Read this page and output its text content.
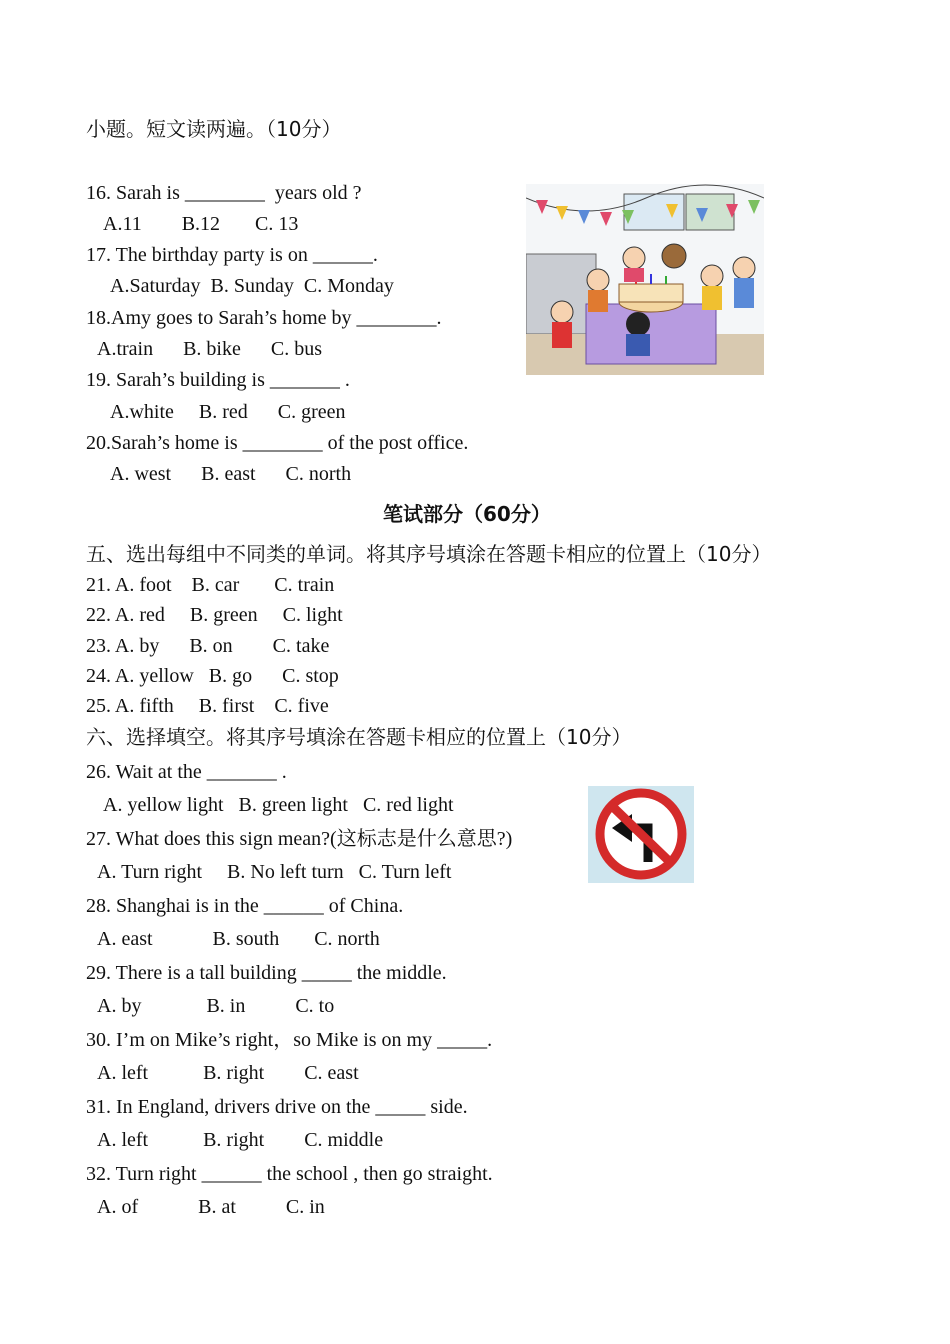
小题。短文读两遍。（10分）
16. Sarah is ________  years old ?
A.11        B.12       C. 13
17. The birthday party is on ______.
A.Saturday  B. Sunday  C. Monday
18.Amy goes to Sarah’s home by ________.
A.train      B. bike      C. bus
19. Sarah’s building is _______ .
A.white     B. red      C. green
20.Sarah’s home is ________ of the post office.
A. west      B. east      C. north
笔试部分（60分）
五、选出每组中不同类的单词。将其序号填涂在答题卡相应的位置上（10分）
21. A. foot    B. car       C. train
22. A. red     B. green     C. light
23. A. by      B. on        C. take
24. A. yellow   B. go      C. stop
25. A. fifth     B. first    C. five
六、选择填空。将其序号填涂在答题卡相应的位置上（10分）
26. Wait at the _______ .
A. yellow light   B. green light   C. red light
27. What does this sign mean?(这标志是什么意思?)
A. Turn right     B. No left turn   C. Turn left
28. Shanghai is in the ______ of China.
A. east            B. south       C. north
29. There is a tall building _____ the middle.
A. by             B. in          C. to
30. I’m on Mike’s right，so Mike is on my _____.
A. left           B. right        C. east
31. In England, drivers drive on the _____ side.
A. left           B. right        C. middle
32. Turn right ______ the school , then go straight.
A. of            B. at          C. in
